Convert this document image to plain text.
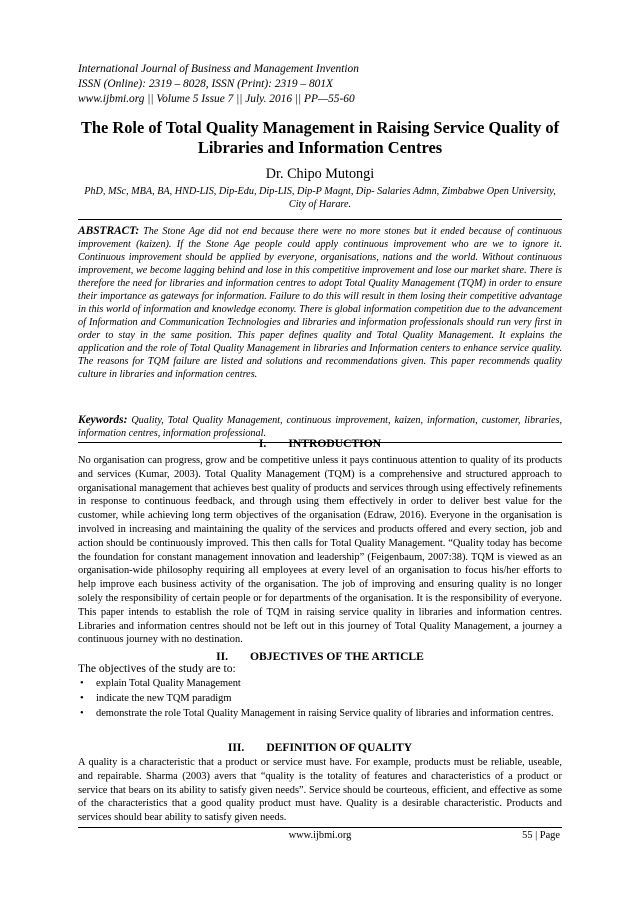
International Journal of Business and Management Invention
ISSN (Online): 2319 – 8028, ISSN (Print): 2319 – 801X
www.ijbmi.org || Volume 5 Issue 7 || July. 2016 || PP—55-60
The Role of Total Quality Management in Raising Service Quality of Libraries and Information Centres
Dr. Chipo Mutongi
PhD, MSc, MBA, BA, HND-LIS, Dip-Edu, Dip-LIS, Dip-P Magnt, Dip- Salaries Admn, Zimbabwe Open University, City of Harare.
ABSTRACT: The Stone Age did not end because there were no more stones but it ended because of continuous improvement (kaizen). If the Stone Age people could apply continuous improvement who are we to ignore it. Continuous improvement should be applied by everyone, organisations, nations and the world. Without continuous improvement, we become lagging behind and lose in this competitive improvement and lose our market share. There is therefore the need for libraries and information centres to adopt Total Quality Management (TQM) in order to ensure their importance as gateways for information. Failure to do this will result in them losing their competitive advantage in this world of information and knowledge economy. There is global information competition due to the advancement of Information and Communication Technologies and libraries and information professionals should run very first in order to stay in the same position. This paper defines quality and Total Quality Management. It explains the application and the role of Total Quality Management in libraries and Information centers to enhance service quality. The reasons for TQM failure are listed and solutions and recommendations given. This paper recommends quality culture in libraries and information centres.
Keywords: Quality, Total Quality Management, continuous improvement, kaizen, information, customer, libraries, information centres, information professional.
I. INTRODUCTION
No organisation can progress, grow and be competitive unless it pays continuous attention to quality of its products and services (Kumar, 2003). Total Quality Management (TQM) is a comprehensive and structured approach to organisational management that achieves best quality of products and services through using effectively refinements in response to continuous feedback, and through using them effectively in order to deliver best value for the customer, while achieving long term objectives of the organisation (Edraw, 2016). Everyone in the organisation is involved in increasing and maintaining the quality of the services and products offered and every section, job and action should be continuously improved. This then calls for Total Quality Management. “Quality today has become the foundation for constant management innovation and leadership” (Feigenbaum, 2007:38). TQM is viewed as an organisation-wide philosophy requiring all employees at every level of an organisation to focus his/her efforts to help improve each business activity of the organisation. The job of improving and ensuring quality is no longer solely the responsibility of certain people or for departments of the organisation. It is the responsibility of everyone. This paper intends to establish the role of TQM in raising service quality in libraries and information centres. Libraries and information centres should not be left out in this journey of Total Quality Management, a journey a continuous journey with no destination.
II. OBJECTIVES OF THE ARTICLE
The objectives of the study are to:
• explain Total Quality Management
• indicate the new TQM paradigm
• demonstrate the role Total Quality Management in raising Service quality of libraries and information centres.
III. DEFINITION OF QUALITY
A quality is a characteristic that a product or service must have. For example, products must be reliable, useable, and repairable. Sharma (2003) avers that “quality is the totality of features and characteristics of a product or service that bears on its ability to satisfy given needs”. Service should be courteous, efficient, and effective as some of the characteristics that a good quality product must have. Quality is a desirable characteristic. Products and services should bear ability to satisfy given needs.
www.ijbmi.org	55 | Page
